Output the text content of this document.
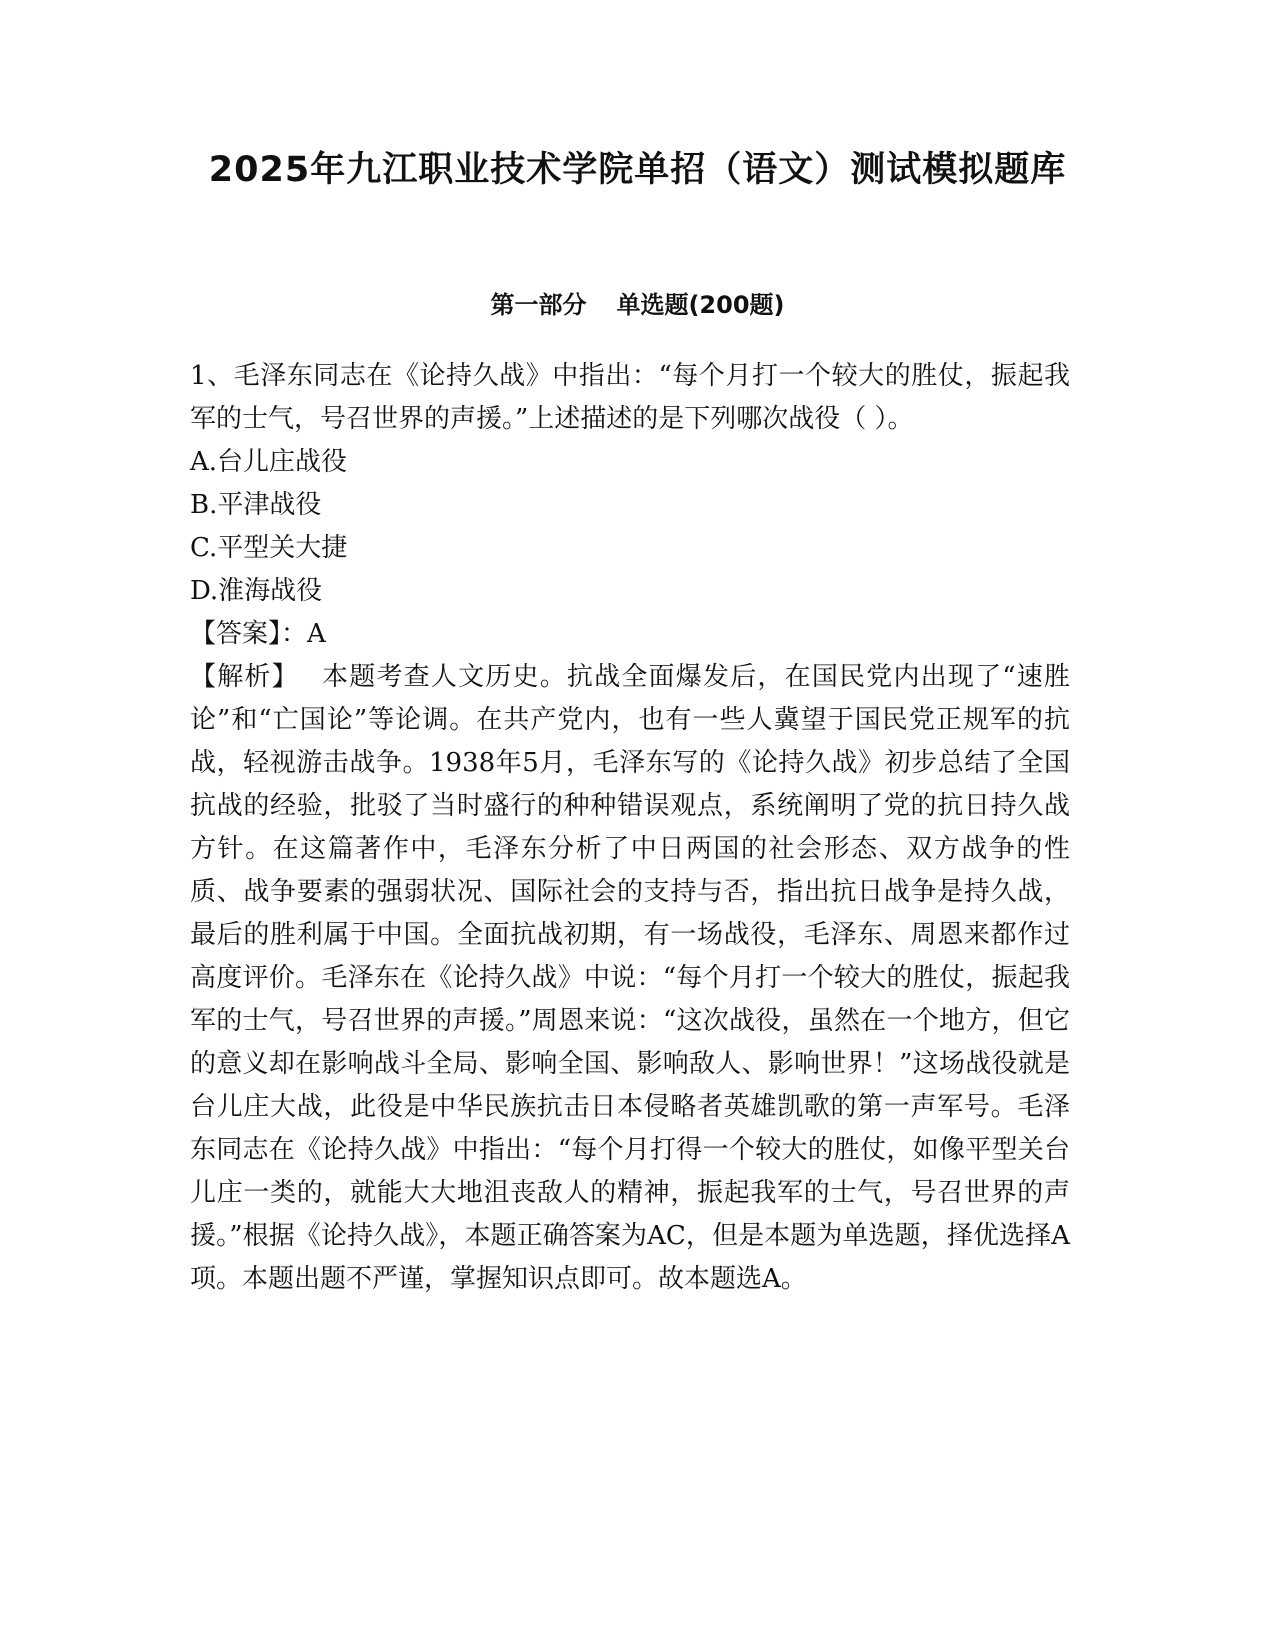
2025年九江职业技术学院单招（语文）测试模拟题库
第一部分 单选题(200题)

1、毛泽东同志在《论持久战》中指出：“每个月打一个较大的胜仗，振起我军的士气，号召世界的声援。”上述描述的是下列哪次战役（ ）。

A.台儿庄战役

B.平津战役

C.平型关大捷

D.淮海战役

【答案】：A

【解析】 本题考查人文历史。抗战全面爆发后，在国民党内出现了“速胜论”和“亡国论”等论调。在共产党内，也有一些人冀望于国民党正规军的抗战，轻视游击战争。1938年5月，毛泽东写的《论持久战》初步总结了全国抗战的经验，批驳了当时盛行的种种错误观点，系统阐明了党的抗日持久战方针。在这篇著作中，毛泽东分析了中日两国的社会形态、双方战争的性质、战争要素的强弱状况、国际社会的支持与否，指出抗日战争是持久战，最后的胜利属于中国。全面抗战初期，有一场战役，毛泽东、周恩来都作过高度评价。毛泽东在《论持久战》中说：“每个月打一个较大的胜仗，振起我军的士气，号召世界的声援。”周恩来说：“这次战役，虽然在一个地方，但它的意义却在影响战斗全局、影响全国、影响敌人、影响世界！”这场战役就是台儿庄大战，此役是中华民族抗击日本侵略者英雄凯歌的第一声军号。毛泽东同志在《论持久战》中指出：“每个月打得一个较大的胜仗，如像平型关台儿庄一类的，就能大大地沮丧敌人的精神，振起我军的士气，号召世界的声援。”根据《论持久战》，本题正确答案为AC，但是本题为单选题，择优选择A项。本题出题不严谨，掌握知识点即可。故本题选A。
